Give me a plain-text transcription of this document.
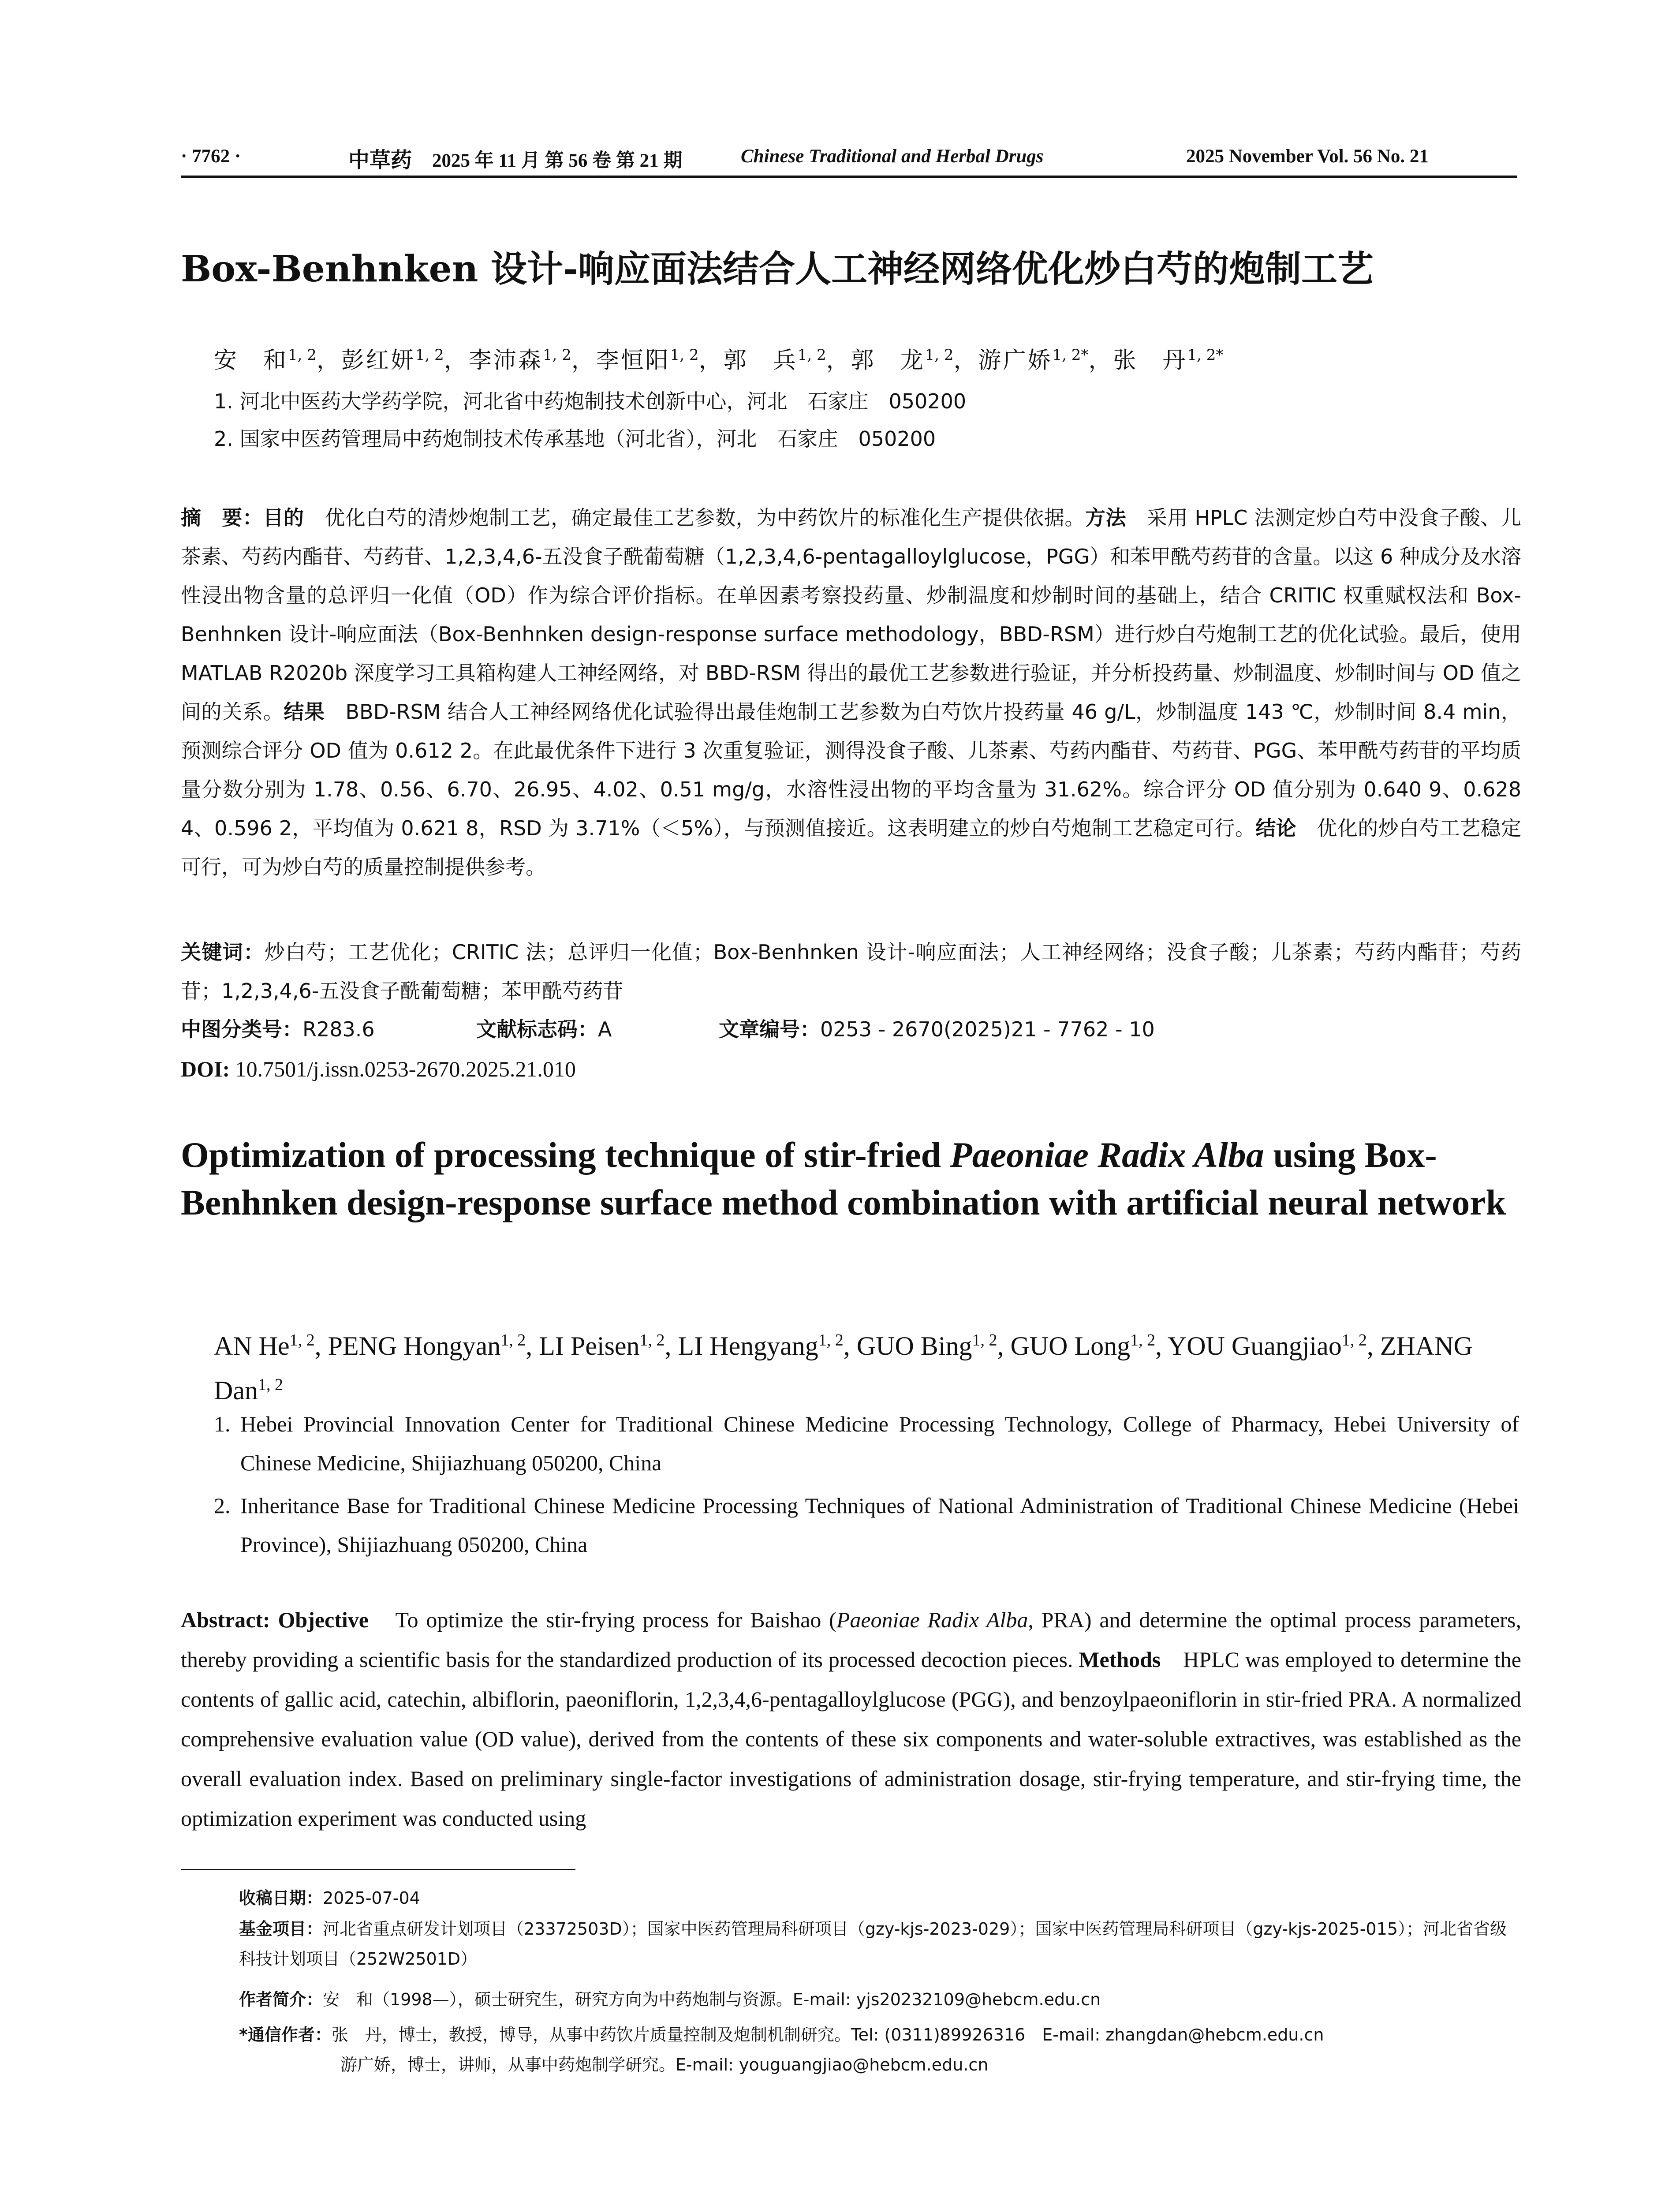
· 7762 ·	中草药 2025 年 11 月 第 56 卷 第 21 期	Chinese Traditional and Herbal Drugs	2025 November Vol. 56 No. 21
Box-Benhnken 设计-响应面法结合人工神经网络优化炒白芍的炮制工艺
安　和$^{1, 2}$，彭红妍$^{1, 2}$，李沛森$^{1, 2}$，李恒阳$^{1, 2}$，郭　兵$^{1, 2}$，郭　龙$^{1, 2}$，游广娇$^{1, 2*}$，张　丹$^{1, 2*}$
1. 河北中医药大学药学院，河北省中药炮制技术创新中心，河北　石家庄　050200
2. 国家中医药管理局中药炮制技术传承基地（河北省），河北　石家庄　050200
摘　要：目的　优化白芍的清炒炮制工艺，确定最佳工艺参数，为中药饮片的标准化生产提供依据。方法　采用 HPLC 法测定炒白芍中没食子酸、儿茶素、芍药内酯苷、芍药苷、1,2,3,4,6-五没食子酰葡萄糖（1,2,3,4,6-pentagalloylglucose，PGG）和苯甲酰芍药苷的含量。以这 6 种成分及水溶性浸出物含量的总评归一化值（OD）作为综合评价指标。在单因素考察投药量、炒制温度和炒制时间的基础上，结合 CRITIC 权重赋权法和 Box-Benhnken 设计-响应面法（Box-Benhnken design-response surface methodology，BBD-RSM）进行炒白芍炮制工艺的优化试验。最后，使用 MATLAB R2020b 深度学习工具箱构建人工神经网络，对 BBD-RSM 得出的最优工艺参数进行验证，并分析投药量、炒制温度、炒制时间与 OD 值之间的关系。结果　BBD-RSM 结合人工神经网络优化试验得出最佳炮制工艺参数为白芍饮片投药量 46 g/L，炒制温度 143 ℃，炒制时间 8.4 min，预测综合评分 OD 值为 0.612 2。在此最优条件下进行 3 次重复验证，测得没食子酸、儿茶素、芍药内酯苷、芍药苷、PGG、苯甲酰芍药苷的平均质量分数分别为 1.78、0.56、6.70、26.95、4.02、0.51 mg/g，水溶性浸出物的平均含量为 31.62%。综合评分 OD 值分别为 0.640 9、0.628 4、0.596 2，平均值为 0.621 8，RSD 为 3.71%（＜5%），与预测值接近。这表明建立的炒白芍炮制工艺稳定可行。结论　优化的炒白芍工艺稳定可行，可为炒白芍的质量控制提供参考。
关键词：炒白芍；工艺优化；CRITIC 法；总评归一化值；Box-Benhnken 设计-响应面法；人工神经网络；没食子酸；儿茶素；芍药内酯苷；芍药苷；1,2,3,4,6-五没食子酰葡萄糖；苯甲酰芍药苷
中图分类号：R283.6	文献标志码：A	文章编号：0253 - 2670(2025)21 - 7762 - 10
DOI: 10.7501/j.issn.0253-2670.2025.21.010
Optimization of processing technique of stir-fried Paeoniae Radix Alba using Box-Benhnken design-response surface method combination with artificial neural network
AN He$^{1, 2}$, PENG Hongyan$^{1, 2}$, LI Peisen$^{1, 2}$, LI Hengyang$^{1, 2}$, GUO Bing$^{1, 2}$, GUO Long$^{1, 2}$, YOU Guangjiao$^{1, 2}$, ZHANG Dan$^{1, 2}$
1. Hebei Provincial Innovation Center for Traditional Chinese Medicine Processing Technology, College of Pharmacy, Hebei University of Chinese Medicine, Shijiazhuang 050200, China
2. Inheritance Base for Traditional Chinese Medicine Processing Techniques of National Administration of Traditional Chinese Medicine (Hebei Province), Shijiazhuang 050200, China
Abstract: Objective　To optimize the stir-frying process for Baishao (Paeoniae Radix Alba, PRA) and determine the optimal process parameters, thereby providing a scientific basis for the standardized production of its processed decoction pieces. Methods　HPLC was employed to determine the contents of gallic acid, catechin, albiflorin, paeoniflorin, 1,2,3,4,6-pentagalloylglucose (PGG), and benzoylpaeoniflorin in stir-fried PRA. A normalized comprehensive evaluation value (OD value), derived from the contents of these six components and water-soluble extractives, was established as the overall evaluation index. Based on preliminary single-factor investigations of administration dosage, stir-frying temperature, and stir-frying time, the optimization experiment was conducted using
收稿日期：2025-07-04
基金项目：河北省重点研发计划项目（23372503D）；国家中医药管理局科研项目（gzy-kjs-2023-029）；国家中医药管理局科研项目（gzy-kjs-2025-015）；河北省省级科技计划项目（252W2501D）
作者简介：安　和（1998—），硕士研究生，研究方向为中药炮制与资源。E-mail: yjs20232109@hebcm.edu.cn
*通信作者：张　丹，博士，教授，博导，从事中药饮片质量控制及炮制机制研究。Tel: (0311)89926316　E-mail: zhangdan@hebcm.edu.cn
游广娇，博士，讲师，从事中药炮制学研究。E-mail: youguangjiao@hebcm.edu.cn
